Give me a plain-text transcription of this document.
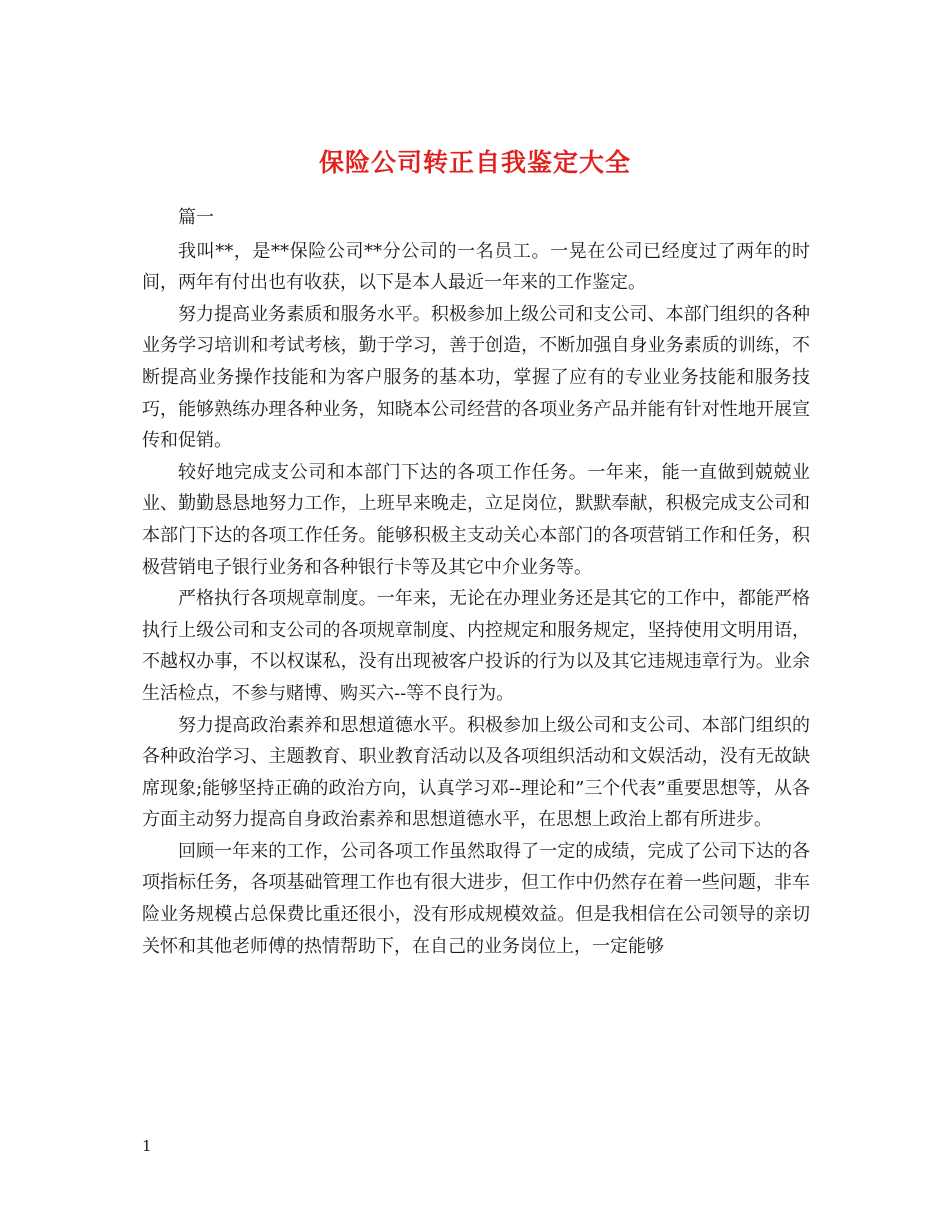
保险公司转正自我鉴定大全

篇一

我叫**，是**保险公司**分公司的一名员工。一晃在公司已经度过了两年的时间，两年有付出也有收获，以下是本人最近一年来的工作鉴定。

努力提高业务素质和服务水平。积极参加上级公司和支公司、本部门组织的各种业务学习培训和考试考核，勤于学习，善于创造，不断加强自身业务素质的训练，不断提高业务操作技能和为客户服务的基本功，掌握了应有的专业业务技能和服务技巧，能够熟练办理各种业务，知晓本公司经营的各项业务产品并能有针对性地开展宣传和促销。

较好地完成支公司和本部门下达的各项工作任务。一年来，能一直做到兢兢业业、勤勤恳恳地努力工作，上班早来晚走，立足岗位，默默奉献，积极完成支公司和本部门下达的各项工作任务。能够积极主支动关心本部门的各项营销工作和任务，积极营销电子银行业务和各种银行卡等及其它中介业务等。

严格执行各项规章制度。一年来，无论在办理业务还是其它的工作中，都能严格执行上级公司和支公司的各项规章制度、内控规定和服务规定，坚持使用文明用语，不越权办事，不以权谋私，没有出现被客户投诉的行为以及其它违规违章行为。业余生活检点，不参与赌博、购买六--等不良行为。

努力提高政治素养和思想道德水平。积极参加上级公司和支公司、本部门组织的各种政治学习、主题教育、职业教育活动以及各项组织活动和文娱活动，没有无故缺席现象;能够坚持正确的政治方向，认真学习邓--理论和”三个代表”重要思想等，从各方面主动努力提高自身政治素养和思想道德水平，在思想上政治上都有所进步。

回顾一年来的工作，公司各项工作虽然取得了一定的成绩，完成了公司下达的各项指标任务，各项基础管理工作也有很大进步，但工作中仍然存在着一些问题，非车险业务规模占总保费比重还很小，没有形成规模效益。但是我相信在公司领导的亲切关怀和其他老师傅的热情帮助下，在自己的业务岗位上，一定能够

1
